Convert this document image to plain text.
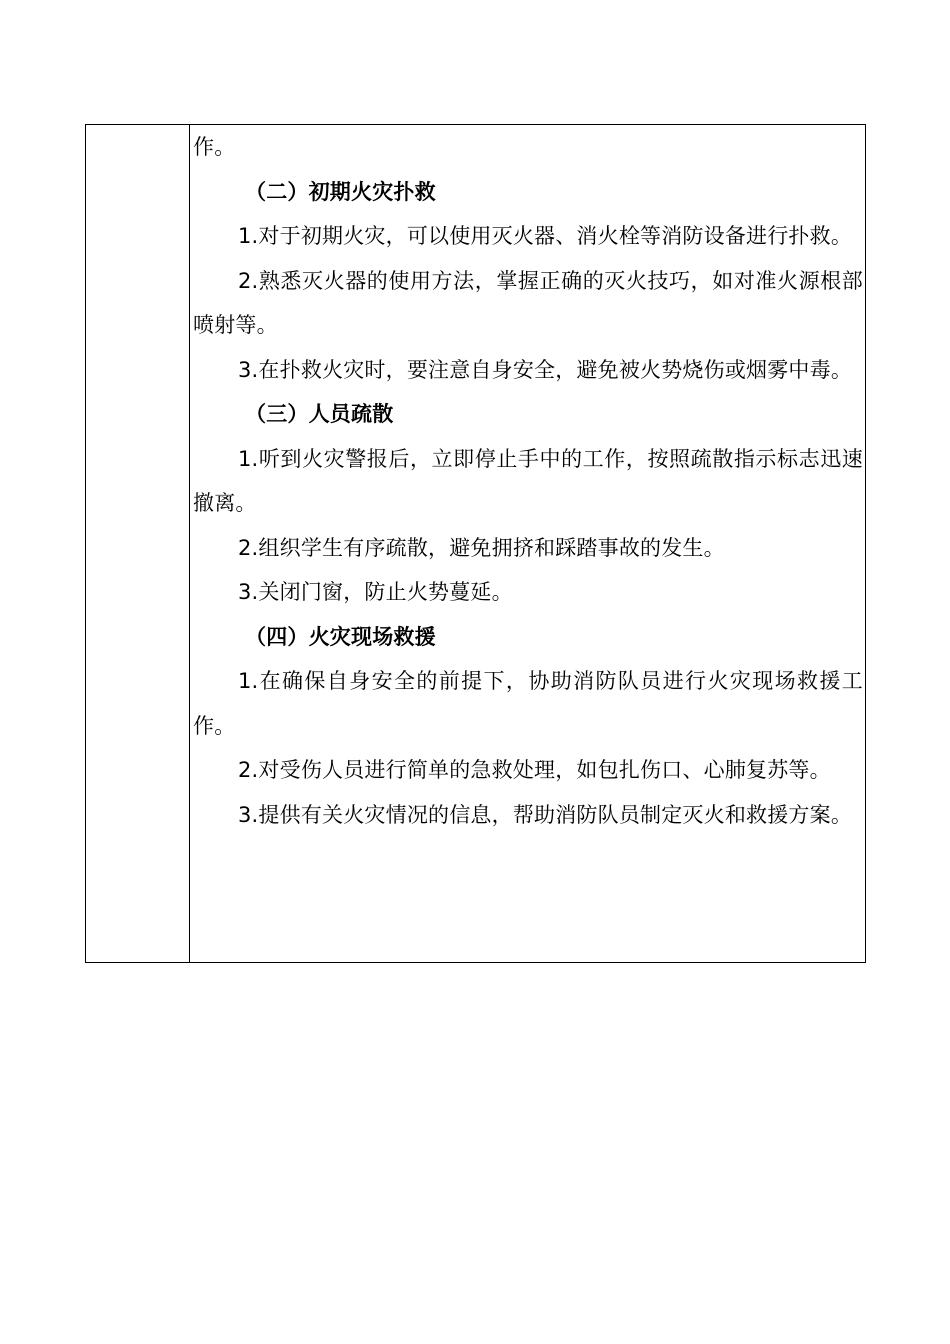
作。

（二）初期火灾扑救

1.对于初期火灾，可以使用灭火器、消火栓等消防设备进行扑救。

2.熟悉灭火器的使用方法，掌握正确的灭火技巧，如对准火源根部喷射等。

3.在扑救火灾时，要注意自身安全，避免被火势烧伤或烟雾中毒。

（三）人员疏散

1.听到火灾警报后，立即停止手中的工作，按照疏散指示标志迅速撤离。

2.组织学生有序疏散，避免拥挤和踩踏事故的发生。

3.关闭门窗，防止火势蔓延。

（四）火灾现场救援

1.在确保自身安全的前提下，协助消防队员进行火灾现场救援工作。

2.对受伤人员进行简单的急救处理，如包扎伤口、心肺复苏等。

3.提供有关火灾情况的信息，帮助消防队员制定灭火和救援方案。
